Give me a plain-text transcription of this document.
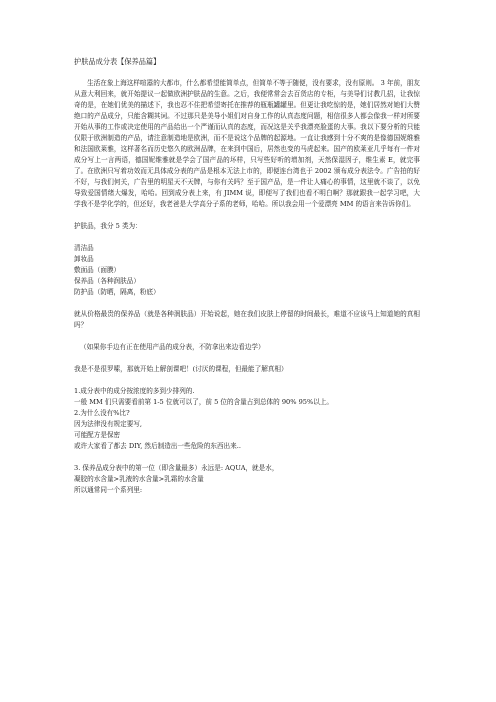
护肤品成分表【保养品篇】

生活在象上海这样喧嚣的大都市，什么都希望能简单点，但简单不等于随便，没有要求，没有原则。 3 年前，朋友从意大利回来，就开始提议一起做欧洲护肤品的生意。之后，我便常常会去百货店的专柜，与美导们讨教几招，让我惊奇的是，在她们优美的描述下，我也忍不住把希望寄托在推荐的瓶瓶罐罐里。但更让我吃惊的是，她们居然对她们大赞绝口的产品成分，只能含糊其词。不过那只是美导小姐们对自身工作的认真态度问题，相信很多人都会像我一样对所要开始从事的工作或决定使用的产品给出一个严谨而认真的态度，而况这是关乎我漂亮脸蛋的大事。我以下要分析的只能仅限于欧洲制造的产品，请注意制造地是欧洲，而不是说这个品牌的起源地。一直让我感到十分不爽的是像德国妮维雅和法国欧莱雅，这样著名而历史悠久的欧洲品牌，在来到中国后，居然也变的马虎起来。国产的欧莱亚几乎每有一件对成分写上一言两语，德国妮维雅就是学会了国产品的坏样，只写些好听的增加剂，天然保湿因子，维生素 E，就完事了。在欧洲只写着功效而无具体成分表的产品是根本无法上市的，即便连台湾也于 2002 颁布成分表法令。广告拍的好不好，与我们何关，广告里的明星天不天牌，与你有关吗？至于国产品，是一件让人痛心的事情，这里就不谈了，以免导致爱国情绪大爆发，哈哈。回到成分表上来，有 JIMM 说，即便写了我们也看不明白啊？那就跟我一起学习吧，大学我不是学化学的，但还好，我老爸是大学高分子系的老师，哈哈。所以我会用一个爱漂亮 MM 的语言来告诉你们。

护肤品，我分 5 类为：

清洁品

卸妆品

敷面品（面膜）

保养品（各种润肤品）

防护品（防晒，隔离，粉底）

就从价格最贵的保养品（就是各种润肤品）开始说起，她在我们皮肤上停留的时间最长，难道不应该马上知道她的真相吗？

（如果你手边有正在使用产品的成分表，不防拿出来边看边学）

我是不是很罗嗦，那就开始上解剖课吧！(讨厌的课程，但最能了解真相）

1.成分表中的成分按浓度的多到少排列的.

一般 MM 们只需要看前第 1-5 位就可以了，前 5 位的含量占到总体的 90% 95%以上。

2.为什么没有%比?

因为法律没有规定要写,

可能配方是保密

或许大家看了都去 DIY, 然后制造出一些危险的东西出来..

3. 保养品成分表中的第一位（即含量最多）永远是: AQUA，就是水，

凝胶的水含量>乳液的水含量>乳霜的水含量

所以通常同一个系列里:
